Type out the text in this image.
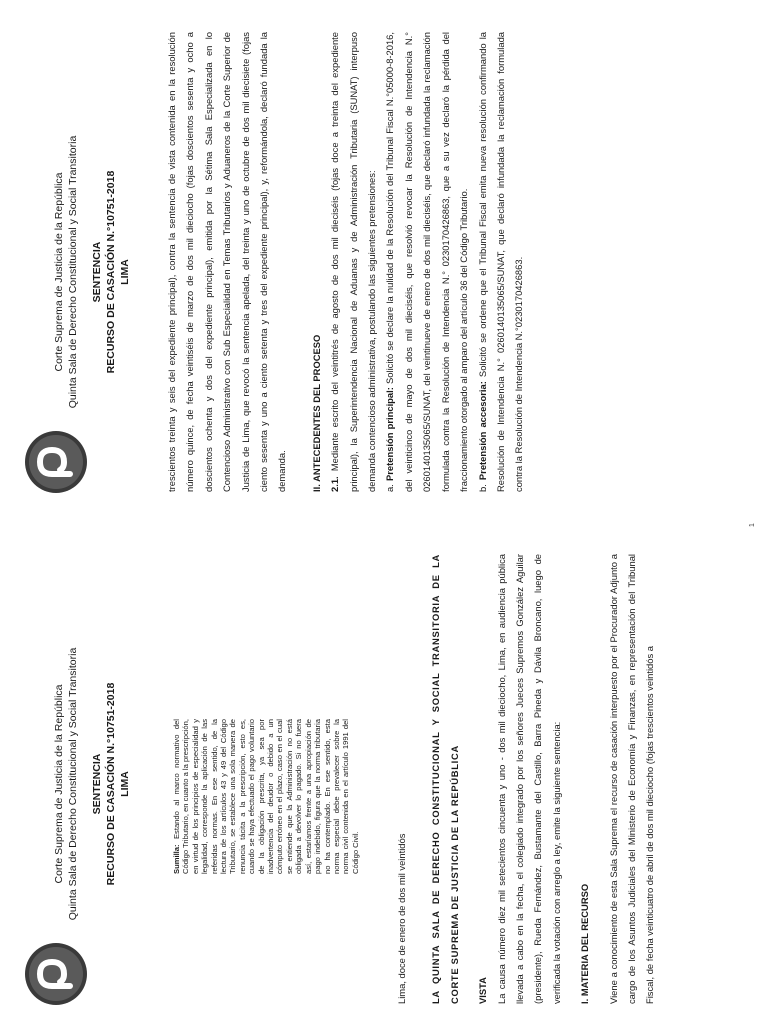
Corte Suprema de Justicia de la República Quinta Sala de Derecho Constitucional y Social Transitoria SENTENCIA RECURSO DE CASACIÓN N.°10751-2018 LIMA
Sumilla: Estando al marco normativo del Código Tributario, en cuanto a la prescripción, en virtud de los principios de especialidad y legalidad, corresponde la aplicación de las referidas normas. En ese sentido, de la lectura de los artículos 43 y 49 del Código Tributario, se establece una sola manera de renuncia tácita a la prescripción, esto es, cuando se haya efectuado el pago voluntario de la obligación prescrita, ya sea por inadvertencia del deudor o debido a un cómputo erróneo en el plazo, caso en el cual se entiende que la Administración no está obligada a devolver lo pagado. Si no fuera así, estaríamos frente a una apropiación de pago indebido, figura que la norma tributaria no ha contemplado. En ese sentido, esta norma especial debe prevalecer sobre la norma civil contenida en el artículo 1991 del Código Civil.	Lima, doce de enero de dos mil veintidós	LA QUINTA SALA DE DERECHO CONSTITUCIONAL Y SOCIAL TRANSITORIA DE LA CORTE SUPREMA DE JUSTICIA DE LA REPÚBLICA	VISTA La causa número diez mil setecientos cincuenta y uno - dos mil dieciocho, Lima, en audiencia pública llevada a cabo en la fecha, el colegiado integrado por los señores Jueces Supremos González Aguilar (presidente), Rueda Fernández, Bustamante del Castillo, Barra Pineda y Dávila Broncano, luego de verificada la votación con arreglo a ley, emite la siguiente sentencia:	I. MATERIA DEL RECURSO	Viene a conocimiento de esta Sala Suprema el recurso de casación interpuesto por el Procurador Adjunto a cargo de los Asuntos Judiciales del Ministerio de Economía y Finanzas, en representación del Tribunal Fiscal, de fecha veinticuatro de abril de dos mil dieciocho (fojas trescientos veintidós a

1
Corte Suprema de Justicia de la República Quinta Sala de Derecho Constitucional y Social Transitoria SENTENCIA RECURSO DE CASACIÓN N.°10751-2018 LIMA	trescientos treinta y seis del expediente principal), contra la sentencia de vista contenida en la resolución número quince, de fecha veintiséis de marzo de dos mil dieciocho (fojas doscientos sesenta y ocho a doscientos ochenta y dos del expediente principal), emitida por la Sétima Sala Especializada en lo Contencioso Administrativo con Sub Especialidad en Temas Tributarios y Aduaneros de la Corte Superior de Justicia de Lima, que revocó la sentencia apelada, del treinta y uno de octubre de dos mil diecisiete (fojas ciento sesenta y uno a ciento setenta y tres del expediente principal), y, reformándola, declaró fundada la demanda.	II. ANTECEDENTES DEL PROCESO 2.1. Mediante escrito del veintitrés de agosto de dos mil dieciséis (fojas doce a treinta del expediente principal), la Superintendencia Nacional de Aduanas y de Administración Tributaria (SUNAT) interpuso demanda contencioso administrativa, postulando las siguientes pretensiones: a. Pretensión principal: Solicitó se declare la nulidad de la Resolución del Tribunal Fiscal N.°05000-8-2016, del veinticinco de mayo de dos mil dieciséis, que resolvió revocar la Resolución de Intendencia N.° 0260140135065/SUNAT, del veintinueve de enero de dos mil dieciséis, que declaró infundada la reclamación formulada contra la Resolución de Intendencia N.° 0230170426863, que a su vez declaró la pérdida del fraccionamiento otorgado al amparo del artículo 36 del Código Tributario. b. Pretensión accesoria: Solicitó se ordene que el Tribunal Fiscal emita nueva resolución confirmando la Resolución de Intendencia N.° 0260140135065/SUNAT, que declaró infundada la reclamación formulada contra la Resolución de Intendencia N.°0230170426863.
